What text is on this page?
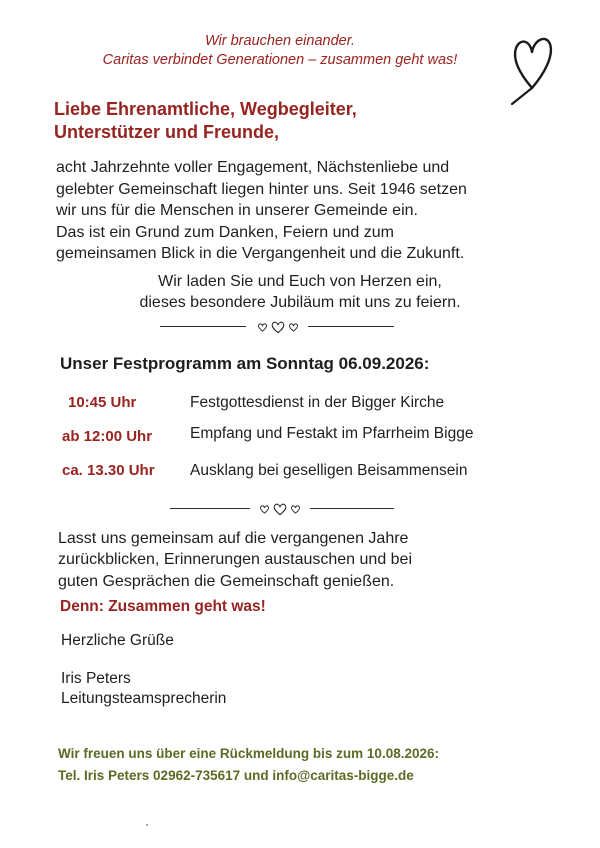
Wir brauchen einander.
Caritas verbindet Generationen – zusammen geht was!
Liebe Ehrenamtliche, Wegbegleiter,
Unterstützer und Freunde,
acht Jahrzehnte voller Engagement, Nächstenliebe und
gelebter Gemeinschaft liegen hinter uns. Seit 1946 setzen
wir uns für die Menschen in unserer Gemeinde ein.
Das ist ein Grund zum Danken, Feiern und zum
gemeinsamen Blick in die Vergangenheit und die Zukunft.
Wir laden Sie und Euch von Herzen ein,
dieses besondere Jubiläum mit uns zu feiern.
Unser Festprogramm am Sonntag 06.09.2026:
10:45 Uhr	Festgottesdienst in der Bigger Kirche
ab 12:00 Uhr Empfang und Festakt im Pfarrheim Bigge
ca. 13.30 Uhr Ausklang bei geselligen Beisammensein
Lasst uns gemeinsam auf die vergangenen Jahre
zurückblicken, Erinnerungen austauschen und bei
guten Gesprächen die Gemeinschaft genießen.
Denn: Zusammen geht was!
Herzliche Grüße
Iris Peters
Leitungsteamsprecherin
Wir freuen uns über eine Rückmeldung bis zum 10.08.2026:
Tel. Iris Peters 02962-735617 und info@caritas-bigge.de
